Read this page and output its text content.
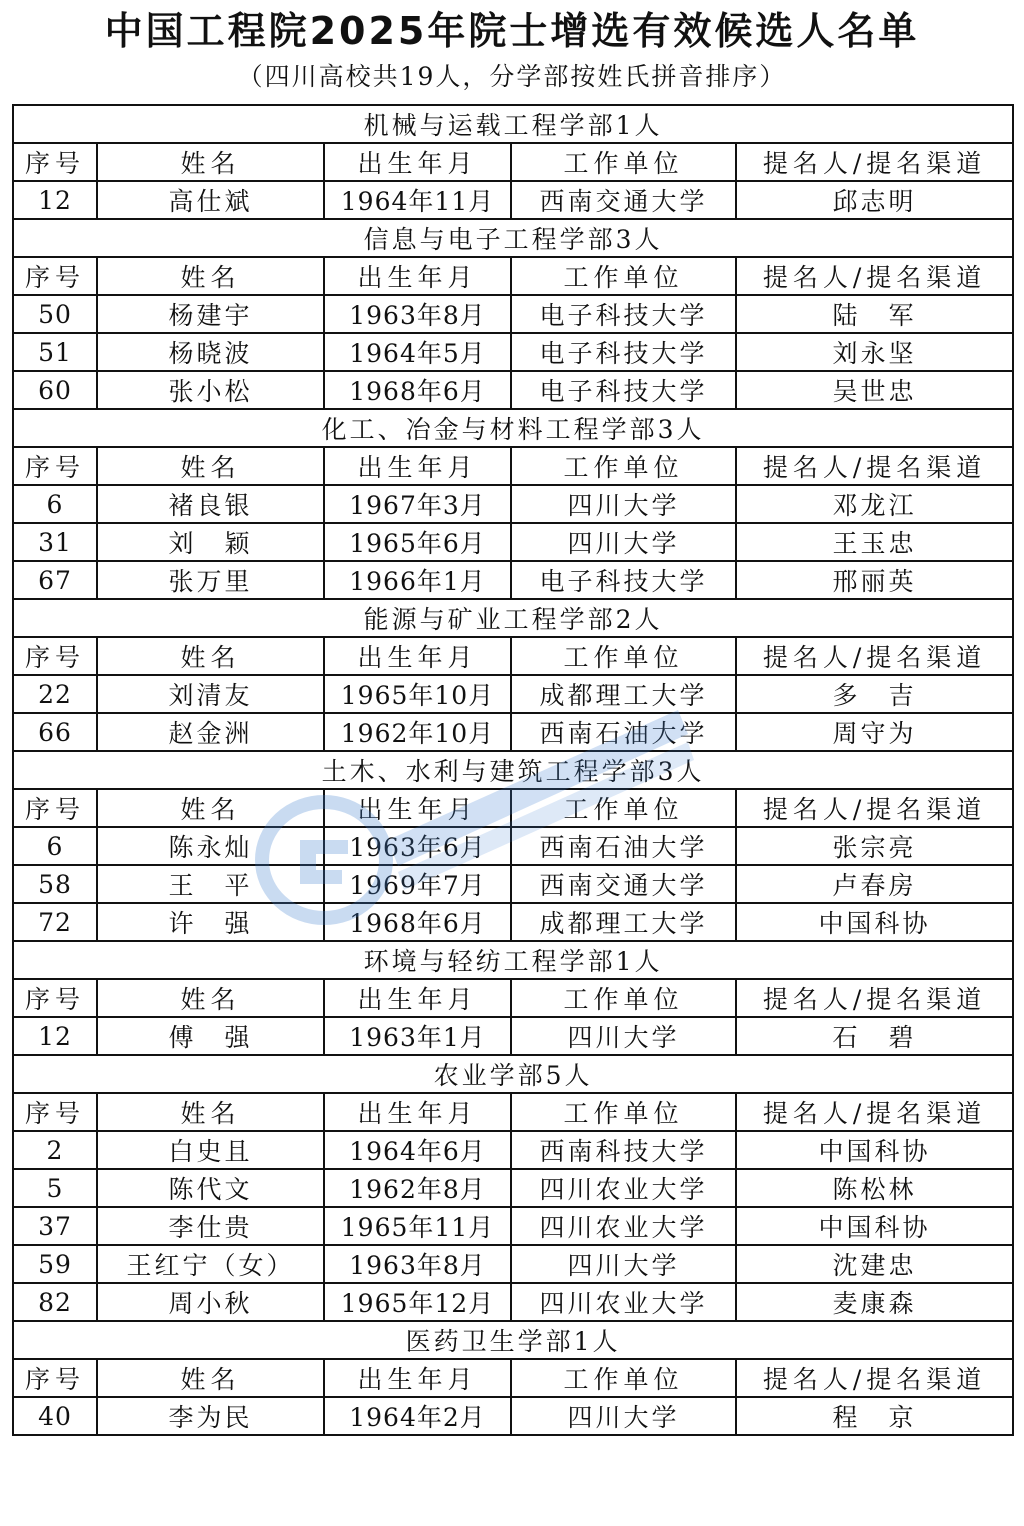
中国工程院2025年院士增选有效候选人名单
（四川高校共19人，分学部按姓氏拼音排序）
机械与运载工程学部1人				
序号	姓名	出生年月	工作单位	提名人/提名渠道
12	高仕斌	1964年11月	西南交通大学	邱志明
信息与电子工程学部3人				
序号	姓名	出生年月	工作单位	提名人/提名渠道
50	杨建宇	1963年8月	电子科技大学	陆　军
51	杨晓波	1964年5月	电子科技大学	刘永坚
60	张小松	1968年6月	电子科技大学	吴世忠
化工、冶金与材料工程学部3人				
序号	姓名	出生年月	工作单位	提名人/提名渠道
6	褚良银	1967年3月	四川大学	邓龙江
31	刘　颖	1965年6月	四川大学	王玉忠
67	张万里	1966年1月	电子科技大学	邢丽英
能源与矿业工程学部2人				
序号	姓名	出生年月	工作单位	提名人/提名渠道
22	刘清友	1965年10月	成都理工大学	多　吉
66	赵金洲	1962年10月	西南石油大学	周守为
土木、水利与建筑工程学部3人				
序号	姓名	出生年月	工作单位	提名人/提名渠道
6	陈永灿	1963年6月	西南石油大学	张宗亮
58	王　平	1969年7月	西南交通大学	卢春房
72	许　强	1968年6月	成都理工大学	中国科协
环境与轻纺工程学部1人				
序号	姓名	出生年月	工作单位	提名人/提名渠道
12	傅　强	1963年1月	四川大学	石　碧
农业学部5人				
序号	姓名	出生年月	工作单位	提名人/提名渠道
2	白史且	1964年6月	西南科技大学	中国科协
5	陈代文	1962年8月	四川农业大学	陈松林
37	李仕贵	1965年11月	四川农业大学	中国科协
59	王红宁（女）	1963年8月	四川大学	沈建忠
82	周小秋	1965年12月	四川农业大学	麦康森
医药卫生学部1人				
序号	姓名	出生年月	工作单位	提名人/提名渠道
40	李为民	1964年2月	四川大学	程　京
